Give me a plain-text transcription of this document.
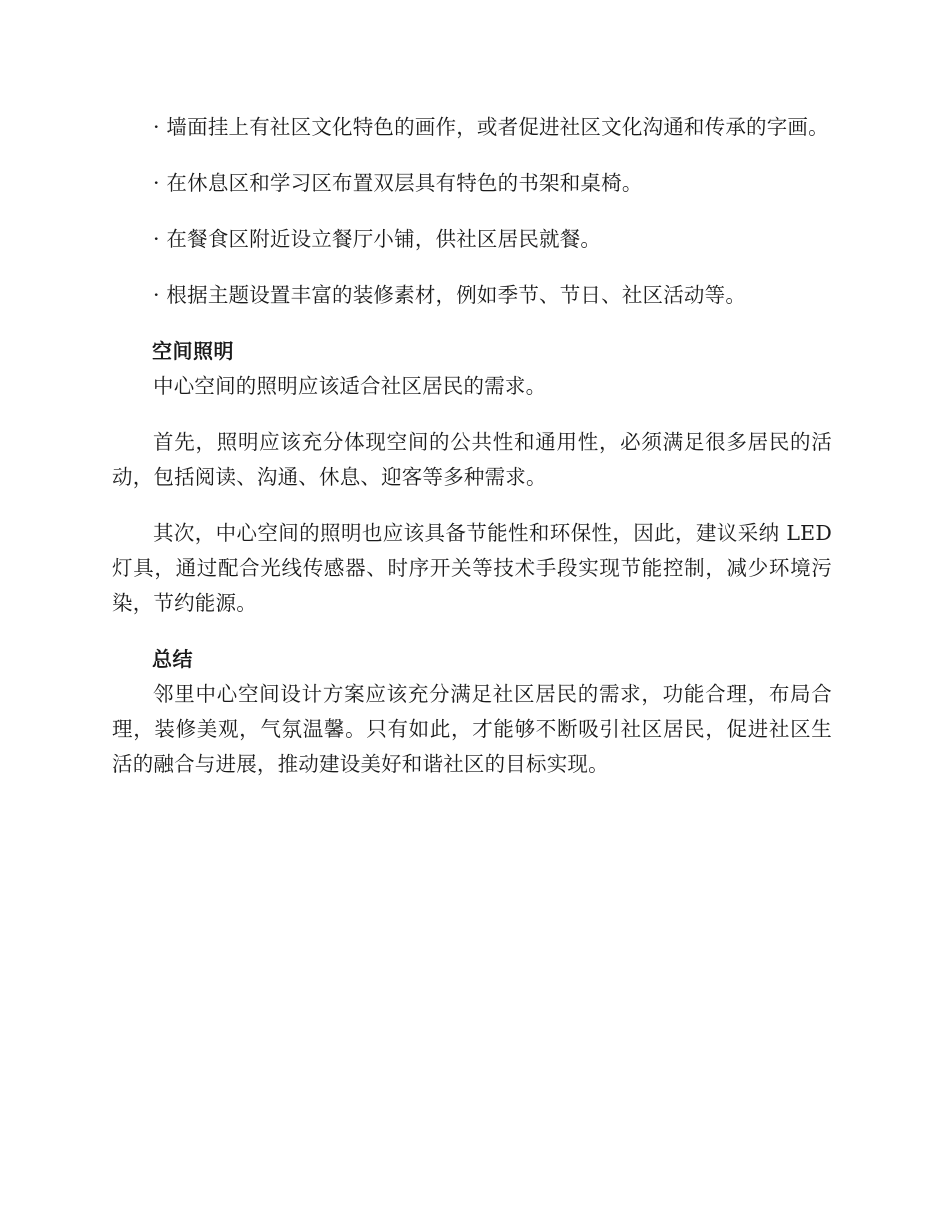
· 墙面挂上有社区文化特色的画作，或者促进社区文化沟通和传承的字画。

· 在休息区和学习区布置双层具有特色的书架和桌椅。

· 在餐食区附近设立餐厅小铺，供社区居民就餐。

· 根据主题设置丰富的装修素材，例如季节、节日、社区活动等。

空间照明

中心空间的照明应该适合社区居民的需求。

首先，照明应该充分体现空间的公共性和通用性，必须满足很多居民的活动，包括阅读、沟通、休息、迎客等多种需求。

其次，中心空间的照明也应该具备节能性和环保性，因此，建议采纳 LED 灯具，通过配合光线传感器、时序开关等技术手段实现节能控制，减少环境污染，节约能源。

总结

邻里中心空间设计方案应该充分满足社区居民的需求，功能合理，布局合理，装修美观，气氛温馨。只有如此，才能够不断吸引社区居民，促进社区生活的融合与进展，推动建设美好和谐社区的目标实现。
